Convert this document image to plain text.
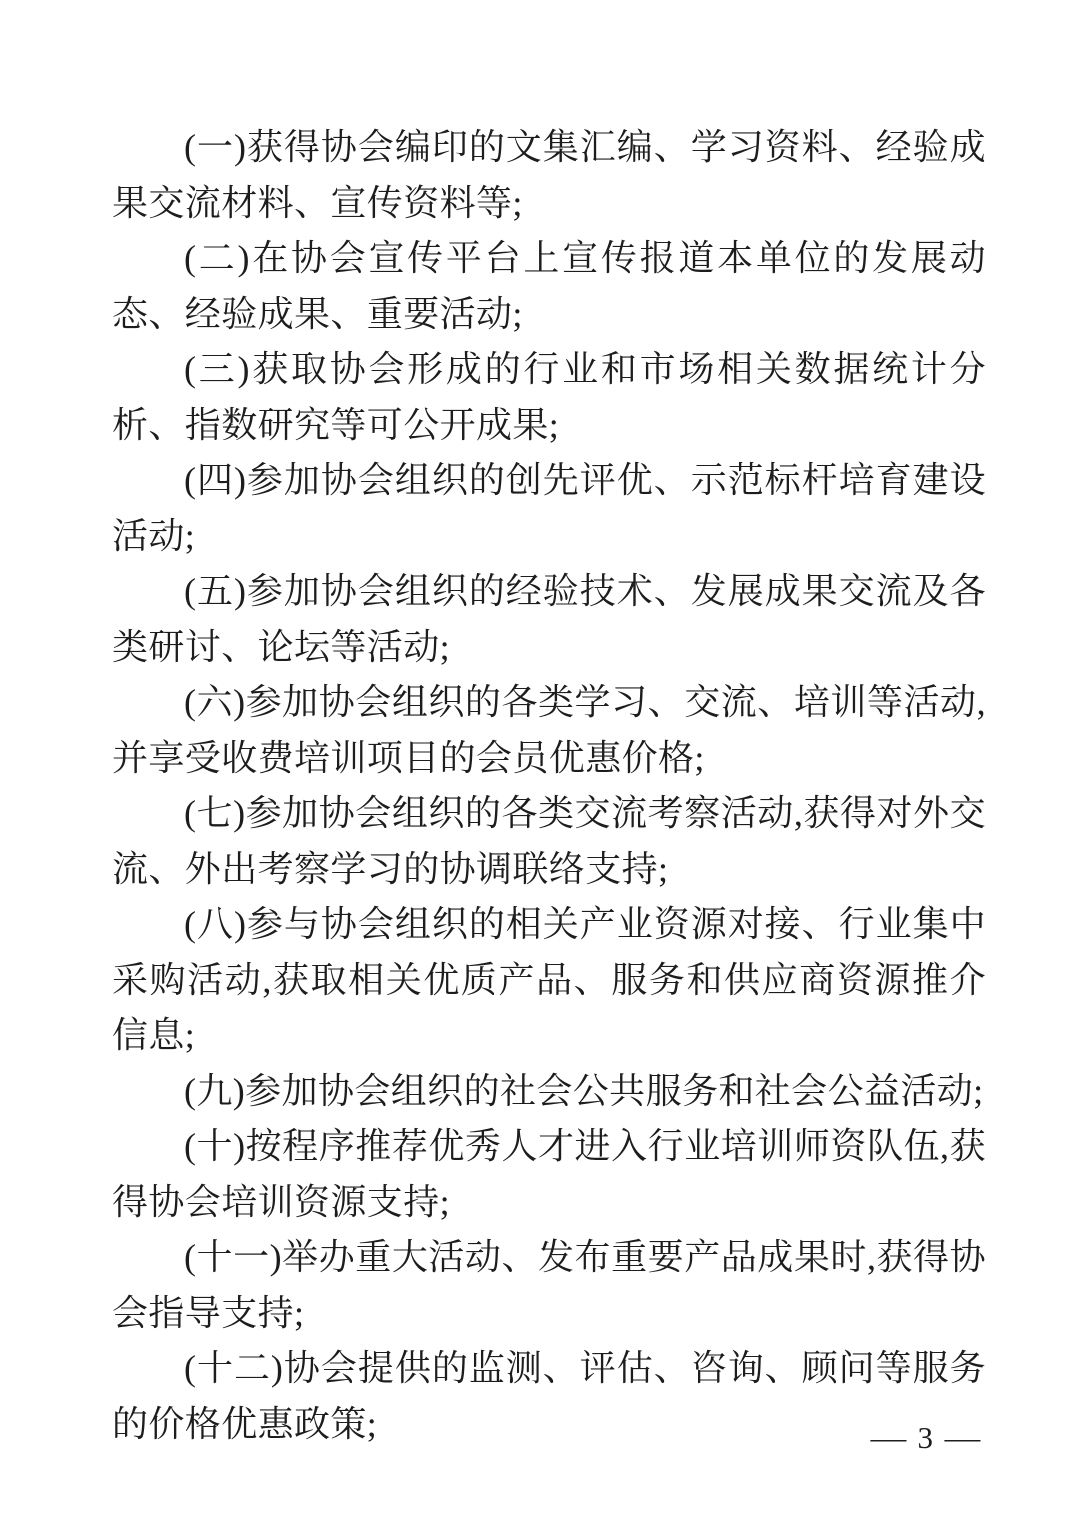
(一)获得协会编印的文集汇编、学习资料、经验成果交流材料、宣传资料等;

(二)在协会宣传平台上宣传报道本单位的发展动态、经验成果、重要活动;

(三)获取协会形成的行业和市场相关数据统计分析、指数研究等可公开成果;

(四)参加协会组织的创先评优、示范标杆培育建设活动;

(五)参加协会组织的经验技术、发展成果交流及各类研讨、论坛等活动;

(六)参加协会组织的各类学习、交流、培训等活动,并享受收费培训项目的会员优惠价格;

(七)参加协会组织的各类交流考察活动,获得对外交流、外出考察学习的协调联络支持;

(八)参与协会组织的相关产业资源对接、行业集中采购活动,获取相关优质产品、服务和供应商资源推介信息;

(九)参加协会组织的社会公共服务和社会公益活动;

(十)按程序推荐优秀人才进入行业培训师资队伍,获得协会培训资源支持;

(十一)举办重大活动、发布重要产品成果时,获得协会指导支持;

(十二)协会提供的监测、评估、咨询、顾问等服务的价格优惠政策;	— 3 —
